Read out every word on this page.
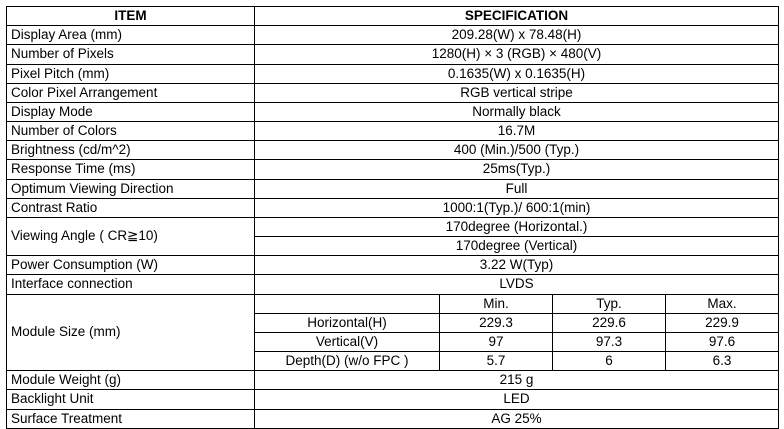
ITEM	SPECIFICATION			
Display Area (mm)	209.28(W) x 78.48(H)			
Number of Pixels	1280(H) × 3 (RGB) × 480(V)			
Pixel Pitch (mm)	0.1635(W) x 0.1635(H)			
Color Pixel Arrangement	RGB vertical stripe			
Display Mode	Normally black			
Number of Colors	16.7M			
Brightness (cd/m^2)	400 (Min.)/500 (Typ.)			
Response Time (ms)	25ms(Typ.)			
Optimum Viewing Direction	Full			
Contrast Ratio	1000:1(Typ.)/ 600:1(min)			
Viewing Angle ( CR≧10)	170degree (Horizontal.)			
	170degree (Vertical)			
Power Consumption (W)	3.22 W(Typ)			
Interface connection	LVDS			
Module Size (mm)		Min.	Typ.	Max.
	Horizontal(H)	229.3	229.6	229.9
	Vertical(V)	97	97.3	97.6
	Depth(D) (w/o FPC )	5.7	6	6.3
Module Weight (g)	215 g			
Backlight Unit	LED			
Surface Treatment	AG 25%			
